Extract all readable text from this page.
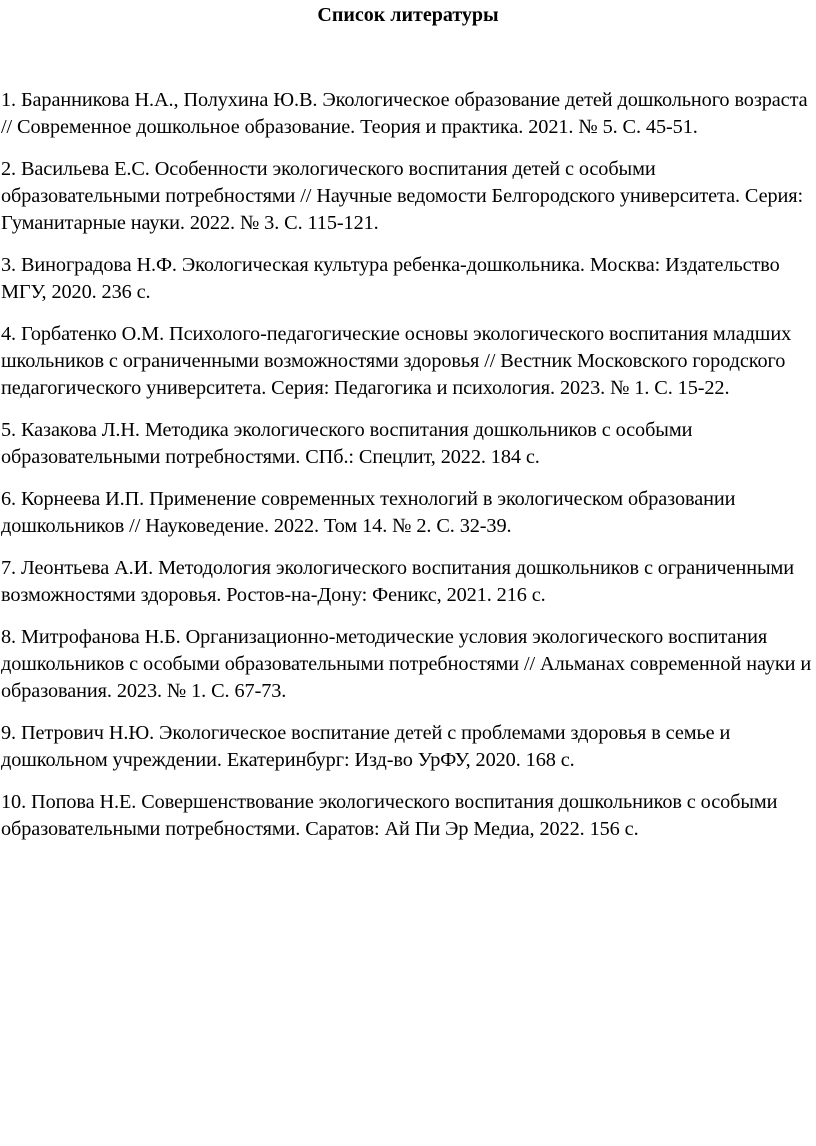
Список литературы
1. Баранникова Н.А., Полухина Ю.В. Экологическое образование детей дошкольного возраста // Современное дошкольное образование. Теория и практика. 2021. № 5. С. 45-51.
2. Васильева Е.С. Особенности экологического воспитания детей с особыми образовательными потребностями // Научные ведомости Белгородского университета. Серия: Гуманитарные науки. 2022. № 3. С. 115-121.
3. Виноградова Н.Ф. Экологическая культура ребенка-дошкольника. Москва: Издательство МГУ, 2020. 236 с.
4. Горбатенко О.М. Психолого-педагогические основы экологического воспитания младших школьников с ограниченными возможностями здоровья // Вестник Московского городского педагогического университета. Серия: Педагогика и психология. 2023. № 1. С. 15-22.
5. Казакова Л.Н. Методика экологического воспитания дошкольников с особыми образовательными потребностями. СПб.: Спецлит, 2022. 184 с.
6. Корнеева И.П. Применение современных технологий в экологическом образовании дошкольников // Науковедение. 2022. Том 14. № 2. С. 32-39.
7. Леонтьева А.И. Методология экологического воспитания дошкольников с ограниченными возможностями здоровья. Ростов-на-Дону: Феникс, 2021. 216 с.
8. Митрофанова Н.Б. Организационно-методические условия экологического воспитания дошкольников с особыми образовательными потребностями // Альманах современной науки и образования. 2023. № 1. С. 67-73.
9. Петрович Н.Ю. Экологическое воспитание детей с проблемами здоровья в семье и дошкольном учреждении. Екатеринбург: Изд-во УрФУ, 2020. 168 с.
10. Попова Н.Е. Совершенствование экологического воспитания дошкольников с особыми образовательными потребностями. Саратов: Ай Пи Эр Медиа, 2022. 156 с.
